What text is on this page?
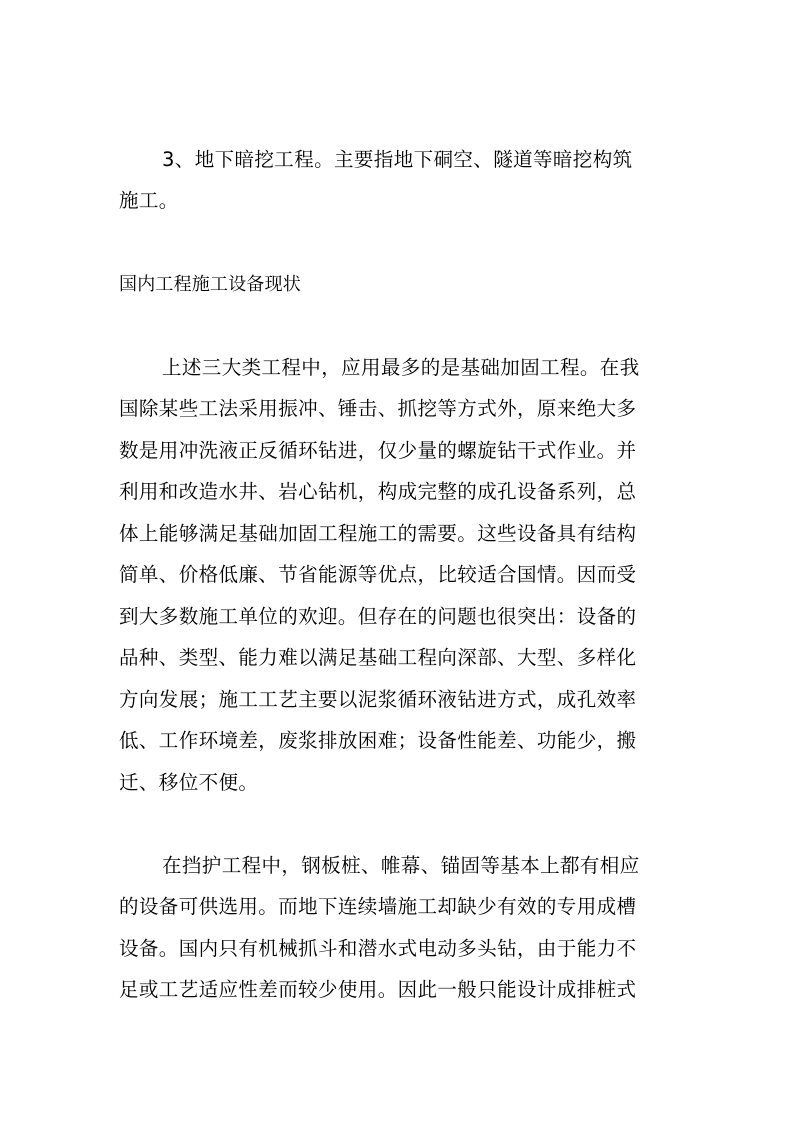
3、地下暗挖工程。主要指地下硐空、隧道等暗挖构筑
施工。
国内工程施工设备现状
上述三大类工程中，应用最多的是基础加固工程。在我
国除某些工法采用振冲、锤击、抓挖等方式外，原来绝大多
数是用冲洗液正反循环钻进，仅少量的螺旋钻干式作业。并
利用和改造水井、岩心钻机，构成完整的成孔设备系列，总
体上能够满足基础加固工程施工的需要。这些设备具有结构
简单、价格低廉、节省能源等优点，比较适合国情。因而受
到大多数施工单位的欢迎。但存在的问题也很突出：设备的
品种、类型、能力难以满足基础工程向深部、大型、多样化
方向发展；施工工艺主要以泥浆循环液钻进方式，成孔效率
低、工作环境差，废浆排放困难；设备性能差、功能少，搬
迁、移位不便。
在挡护工程中，钢板桩、帷幕、锚固等基本上都有相应
的设备可供选用。而地下连续墙施工却缺少有效的专用成槽
设备。国内只有机械抓斗和潜水式电动多头钻，由于能力不
足或工艺适应性差而较少使用。因此一般只能设计成排桩式
